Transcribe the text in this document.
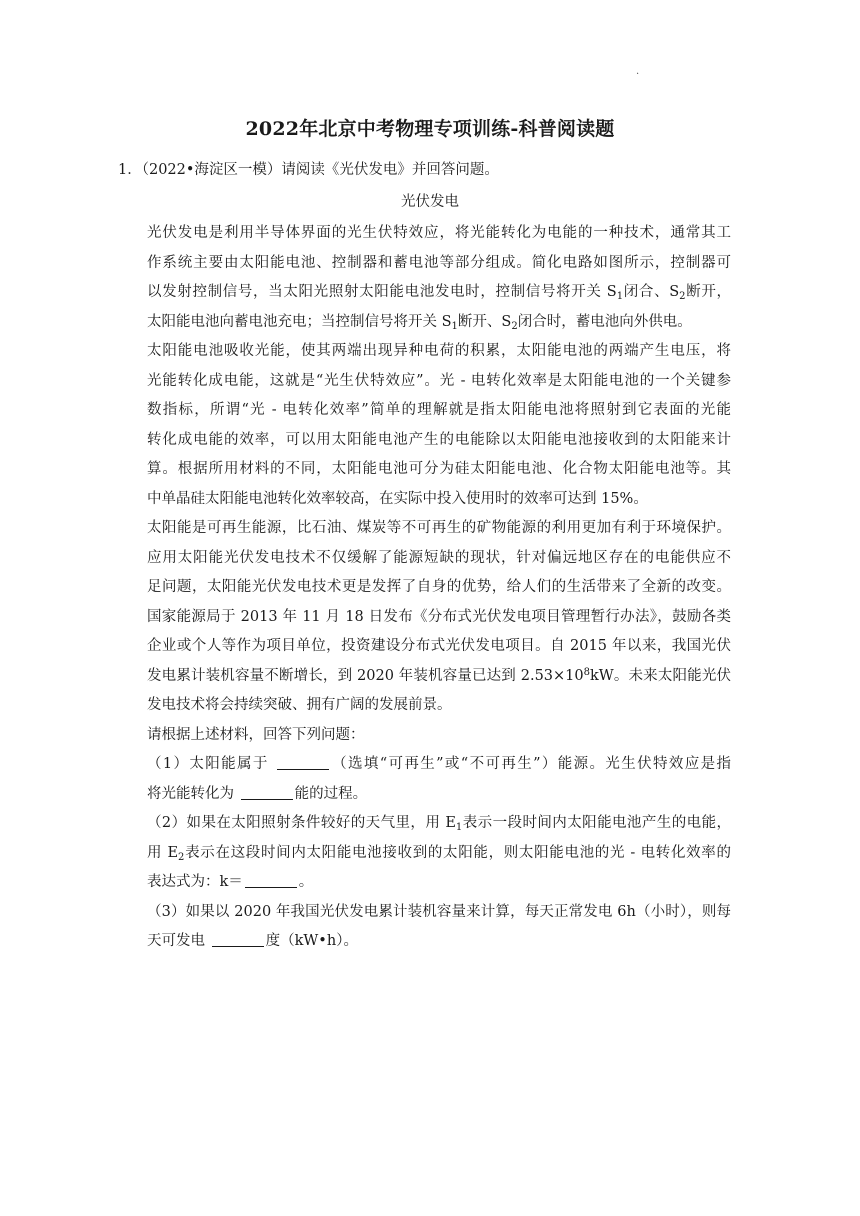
.
2022年北京中考物理专项训练-科普阅读题
1．（2022•海淀区一模）请阅读《光伏发电》并回答问题。
光伏发电

光伏发电是利用半导体界面的光生伏特效应，将光能转化为电能的一种技术，通常其工

作系统主要由太阳能电池、控制器和蓄电池等部分组成。简化电路如图所示，控制器可

以发射控制信号，当太阳光照射太阳能电池发电时，控制信号将开关 $S_1$闭合、$S_2$断开，

太阳能电池向蓄电池充电；当控制信号将开关 $S_1$断开、$S_2$闭合时，蓄电池向外供电。

太阳能电池吸收光能，使其两端出现异种电荷的积累，太阳能电池的两端产生电压，将

光能转化成电能，这就是“光生伏特效应”。光 - 电转化效率是太阳能电池的一个关键参

数指标，所谓“光 - 电转化效率”简单的理解就是指太阳能电池将照射到它表面的光能

转化成电能的效率，可以用太阳能电池产生的电能除以太阳能电池接收到的太阳能来计

算。根据所用材料的不同，太阳能电池可分为硅太阳能电池、化合物太阳能电池等。其

中单晶硅太阳能电池转化效率较高，在实际中投入使用时的效率可达到 15%。

太阳能是可再生能源，比石油、煤炭等不可再生的矿物能源的利用更加有利于环境保护。

应用太阳能光伏发电技术不仅缓解了能源短缺的现状，针对偏远地区存在的电能供应不

足问题，太阳能光伏发电技术更是发挥了自身的优势，给人们的生活带来了全新的改变。

国家能源局于 2013 年 11 月 18 日发布《分布式光伏发电项目管理暂行办法》，鼓励各类

企业或个人等作为项目单位，投资建设分布式光伏发电项目。自 2015 年以来，我国光伏

发电累计装机容量不断增长，到 2020 年装机容量已达到 $2.53\times 10^8kW$。未来太阳能光伏

发电技术将会持续突破、拥有广阔的发展前景。

请根据上述材料，回答下列问题：

（1）太阳能属于	（选填“可再生”或“不可再生”）能源。光生伏特效应是指

将光能转化为	能的过程。

（2）如果在太阳照射条件较好的天气里，用 $E_1$表示一段时间内太阳能电池产生的电能，

用 $E_2$表示在这段时间内太阳能电池接收到的太阳能，则太阳能电池的光 - 电转化效率的

表达式为：k＝	。

（3）如果以 2020 年我国光伏发电累计装机容量来计算，每天正常发电 6h（小时），则每

天可发电	度（kW•h）。
